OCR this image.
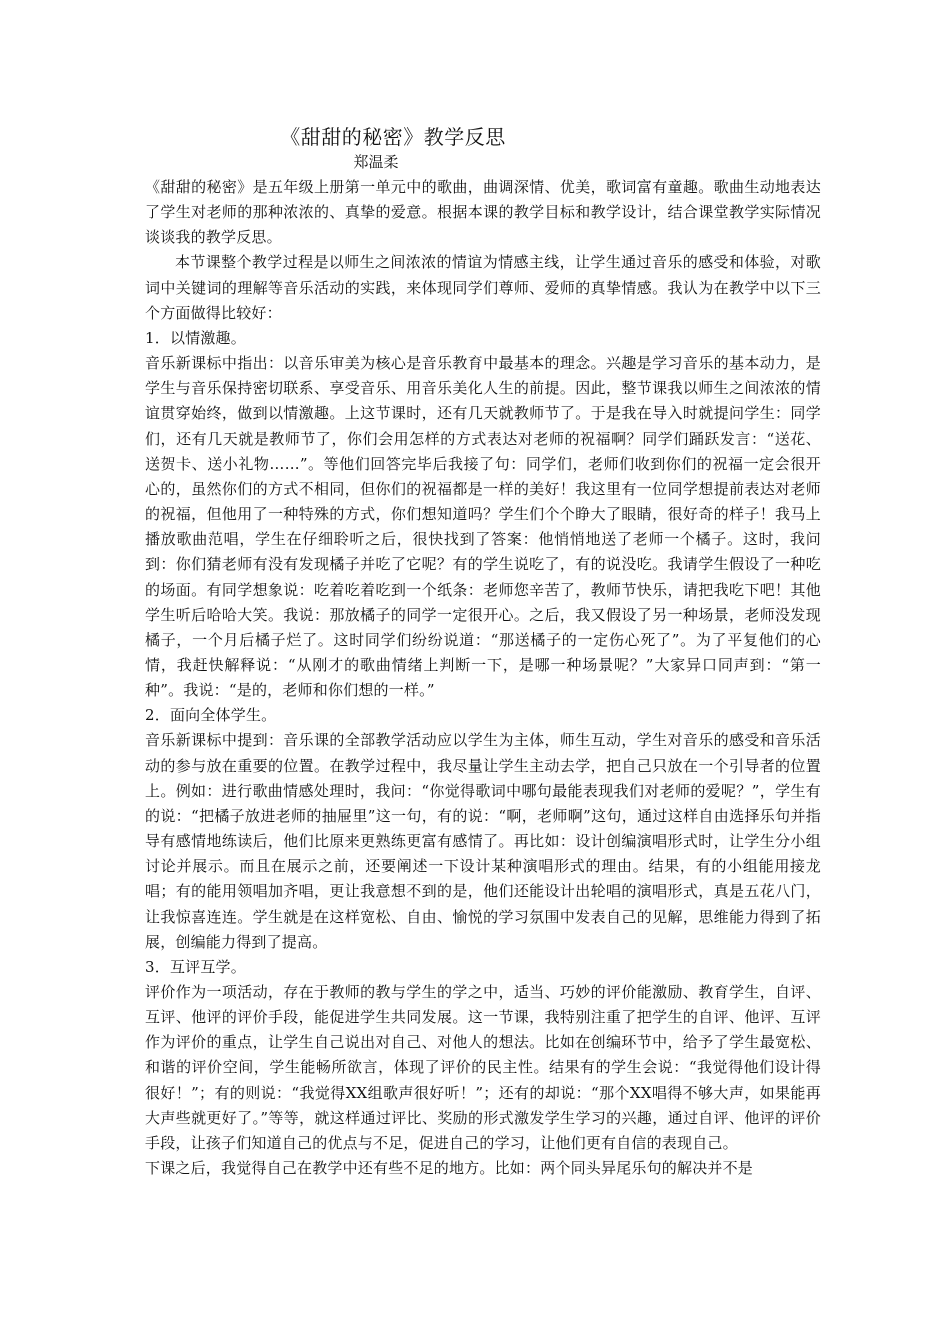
《甜甜的秘密》教学反思
郑温柔

《甜甜的秘密》是五年级上册第一单元中的歌曲，曲调深情、优美，歌词富有童趣。歌曲生动地表达了学生对老师的那种浓浓的、真挚的爱意。根据本课的教学目标和教学设计，结合课堂教学实际情况谈谈我的教学反思。

本节课整个教学过程是以师生之间浓浓的情谊为情感主线，让学生通过音乐的感受和体验，对歌词中关键词的理解等音乐活动的实践，来体现同学们尊师、爱师的真挚情感。我认为在教学中以下三个方面做得比较好：

1．以情激趣。

音乐新课标中指出：以音乐审美为核心是音乐教育中最基本的理念。兴趣是学习音乐的基本动力，是学生与音乐保持密切联系、享受音乐、用音乐美化人生的前提。因此，整节课我以师生之间浓浓的情谊贯穿始终，做到以情激趣。上这节课时，还有几天就教师节了。于是我在导入时就提问学生：同学们，还有几天就是教师节了，你们会用怎样的方式表达对老师的祝福啊？同学们踊跃发言：“送花、送贺卡、送小礼物……”。等他们回答完毕后我接了句：同学们，老师们收到你们的祝福一定会很开心的，虽然你们的方式不相同，但你们的祝福都是一样的美好！我这里有一位同学想提前表达对老师的祝福，但他用了一种特殊的方式，你们想知道吗？学生们个个睁大了眼睛，很好奇的样子！我马上播放歌曲范唱，学生在仔细聆听之后，很快找到了答案：他悄悄地送了老师一个橘子。这时，我问到：你们猜老师有没有发现橘子并吃了它呢？有的学生说吃了，有的说没吃。我请学生假设了一种吃的场面。有同学想象说：吃着吃着吃到一个纸条：老师您辛苦了，教师节快乐，请把我吃下吧！其他学生听后哈哈大笑。我说：那放橘子的同学一定很开心。之后，我又假设了另一种场景，老师没发现橘子，一个月后橘子烂了。这时同学们纷纷说道：“那送橘子的一定伤心死了”。为了平复他们的心情，我赶快解释说：“从刚才的歌曲情绪上判断一下，是哪一种场景呢？”大家异口同声到：“第一种”。我说：“是的，老师和你们想的一样。”

2．面向全体学生。

音乐新课标中提到：音乐课的全部教学活动应以学生为主体，师生互动，学生对音乐的感受和音乐活动的参与放在重要的位置。在教学过程中，我尽量让学生主动去学，把自己只放在一个引导者的位置上。例如：进行歌曲情感处理时，我问：“你觉得歌词中哪句最能表现我们对老师的爱呢？”，学生有的说：“把橘子放进老师的抽屉里”这一句，有的说：“啊，老师啊”这句，通过这样自由选择乐句并指导有感情地练读后，他们比原来更熟练更富有感情了。再比如：设计创编演唱形式时，让学生分小组讨论并展示。而且在展示之前，还要阐述一下设计某种演唱形式的理由。结果，有的小组能用接龙唱；有的能用领唱加齐唱，更让我意想不到的是，他们还能设计出轮唱的演唱形式，真是五花八门，让我惊喜连连。学生就是在这样宽松、自由、愉悦的学习氛围中发表自己的见解，思维能力得到了拓展，创编能力得到了提高。

3．互评互学。

评价作为一项活动，存在于教师的教与学生的学之中，适当、巧妙的评价能激励、教育学生，自评、互评、他评的评价手段，能促进学生共同发展。这一节课，我特别注重了把学生的自评、他评、互评作为评价的重点，让学生自己说出对自己、对他人的想法。比如在创编环节中，给予了学生最宽松、和谐的评价空间，学生能畅所欲言，体现了评价的民主性。结果有的学生会说：“我觉得他们设计得很好！”；有的则说：“我觉得XX组歌声很好听！”；还有的却说：“那个XX唱得不够大声，如果能再大声些就更好了。”等等，就这样通过评比、奖励的形式激发学生学习的兴趣，通过自评、他评的评价手段，让孩子们知道自己的优点与不足，促进自己的学习，让他们更有自信的表现自己。

下课之后，我觉得自己在教学中还有些不足的地方。比如：两个同头异尾乐句的解决并不是
